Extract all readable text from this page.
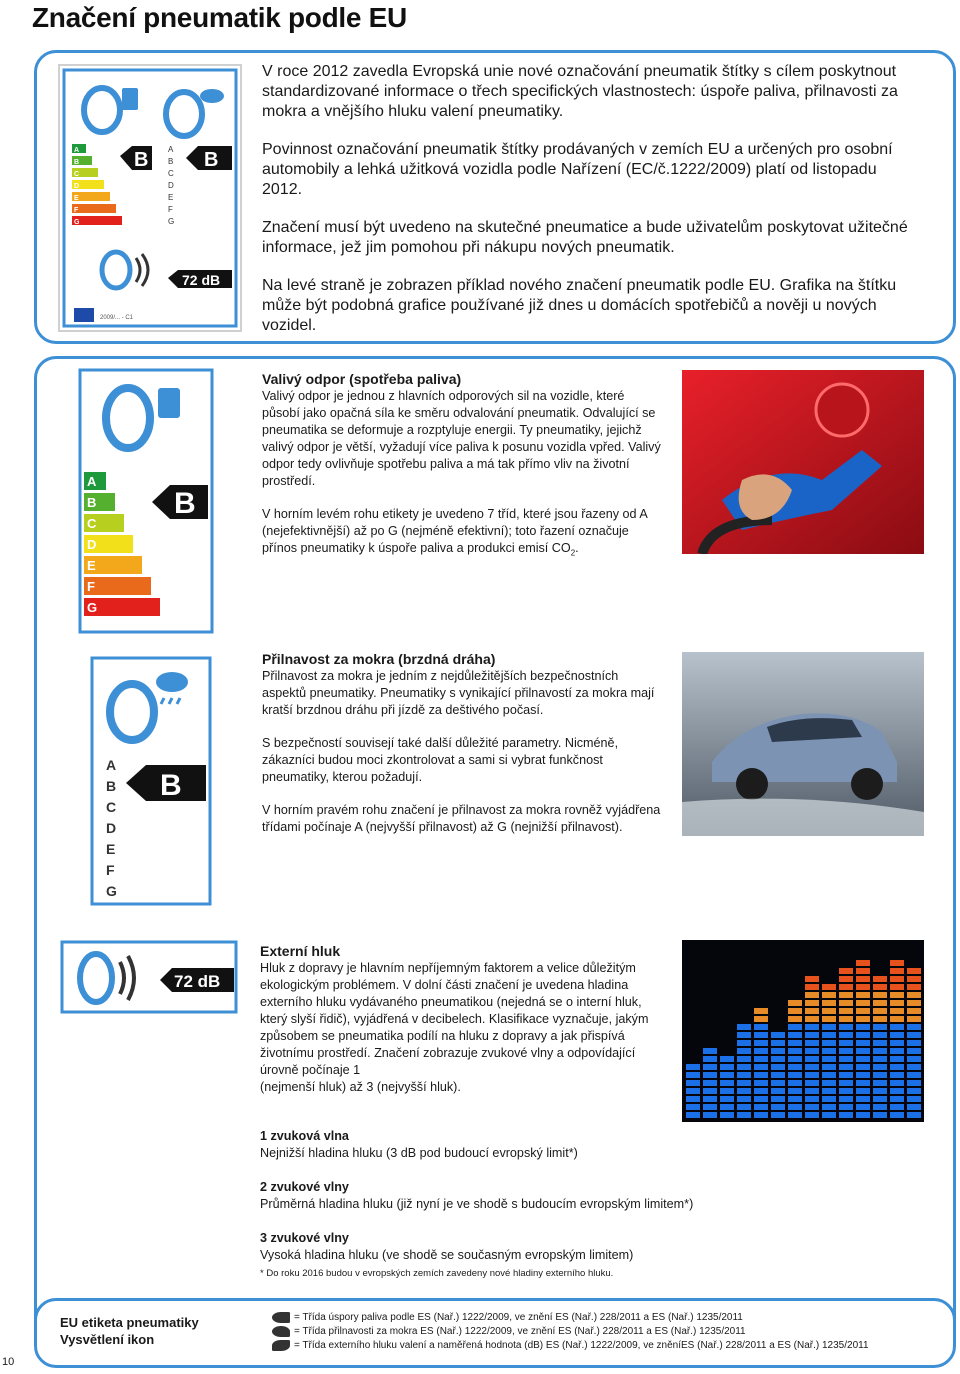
Značení pneumatik podle EU
A
B
C
D
E
F
G
B A
B
C
D
E
F
G
B
72 dB
2009/... - C1

V roce 2012 zavedla Evropská unie nové označování pneumatik štítky s cílem poskytnout standardizované informace o třech specifických vlastnostech: úspoře paliva, přilnavosti za mokra a vnějšího hluku valení pneumatiky.

Povinnost označování pneumatik štítky prodávaných v zemích EU a určených pro osobní automobily a lehká užitková vozidla podle Nařízení (EC/č.1222/2009) platí od listopadu 2012.

Značení musí být uvedeno na skutečné pneumatice a bude uživatelům poskytovat užitečné informace, jež jim pomohou při nákupu nových pneumatik.

Na levé straně je zobrazen příklad nového značení pneumatik podle EU. Grafika na štítku může být podobná grafice používané již dnes u domácích spotřebičů a nověji u nových vozidel.

A
B
C
D
E
F
G
B
Valivý odpor (spotřeba paliva)

Valivý odpor je jednou z hlavních odporových sil na vozidle, které působí jako opačná síla ke směru odvalování pneumatik. Odvalující se pneumatika se deformuje a rozptyluje energii. Ty pneumatiky, jejichž valivý odpor je větší, vyžadují více paliva k posunu vozidla vpřed. Valivý odpor tedy ovlivňuje spotřebu paliva a má tak přímo vliv na životní prostředí.

V horním levém rohu etikety je uvedeno 7 tříd, které jsou řazeny od A (nejefektivnější) až po G (nejméně efektivní); toto řazení označuje přínos pneumatiky k úspoře paliva a produkci emisí $CO_2$.

A
B
C
D
E
F
G
B
Přilnavost za mokra (brzdná dráha)

Přilnavost za mokra je jedním z nejdůležitějších bezpečnostních aspektů pneumatiky. Pneumatiky s vynikající přilnavostí za mokra mají kratší brzdnou dráhu při jízdě za deštivého počasí.

S bezpečností souvisejí také další důležité parametry. Nicméně, zákazníci budou moci zkontrolovat a sami si vybrat funkčnost pneumatiky, kterou požadují.

V horním pravém rohu značení je přilnavost za mokra rovněž vyjádřena třídami počínaje A (nejvyšší přilnavost) až G (nejnižší přilnavost).

72 dB
Externí hluk
Hluk z dopravy je hlavním nepříjemným faktorem a velice důležitým ekologickým problémem. V dolní části značení je uvedena hladina externího hluku vydávaného pneumatikou (nejedná se o interní hluk, který slyší řidič), vyjádřená v decibelech. Klasifikace vyznačuje, jakým způsobem se pneumatika podílí na hluku z dopravy a jak přispívá životnímu prostředí. Značení zobrazuje zvukové vlny a odpovídající úrovně počínaje 1
(nejmenší hluk) až 3 (nejvyšší hluk).
1 zvuková vlna
Nejnižší hladina hluku (3 dB pod budoucí evropský limit*)
2 zvukové vlny
Průměrná hladina hluku (již nyní je ve shodě s budoucím evropským limitem*)
3 zvukové vlny
Vysoká hladina hluku (ve shodě se současným evropským limitem)
* Do roku 2016 budou v evropských zemích zavedeny nové hladiny externího hluku.
EU etiketa pneumatiky
Vysvětlení ikon
= Třída úspory paliva podle ES (Nař.) 1222/2009, ve znění ES (Nař.) 228/2011 a ES (Nař.) 1235/2011
= Třída přilnavosti za mokra ES (Nař.) 1222/2009, ve znění ES (Nař.) 228/2011 a ES (Nař.) 1235/2011
= Třída externího hluku valení a naměřená hodnota (dB) ES (Nař.) 1222/2009, ve zněníES (Nař.) 228/2011 a ES (Nař.) 1235/2011
10
